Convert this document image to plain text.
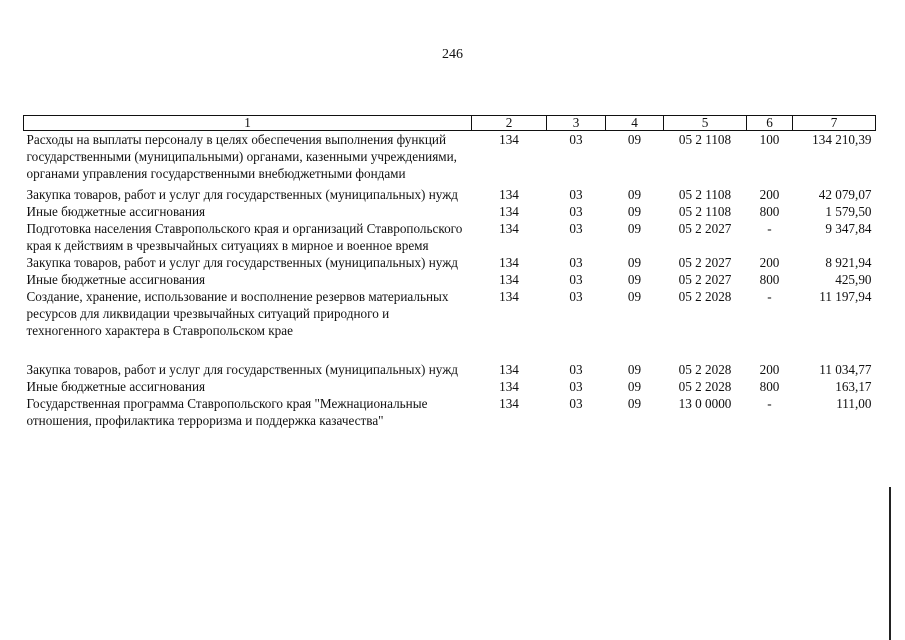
246
1	2	3	4	5	6	7
Расходы на выплаты персоналу в целях обеспечения выполнения функций государственными (муниципальными) органами, казенными учреждениями, органами управления государственными внебюджетными фондами	134	03	09	05 2 1108	100	134 210,39
Закупка товаров, работ и услуг для государственных (муниципальных) нужд	134	03	09	05 2 1108	200	42 079,07
Иные бюджетные ассигнования	134	03	09	05 2 1108	800	1 579,50
Подготовка населения Ставропольского края и организаций Ставропольского края к действиям в чрезвычайных ситуациях в мирное и военное время	134	03	09	05 2 2027	-	9 347,84
Закупка товаров, работ и услуг для государственных (муниципальных) нужд	134	03	09	05 2 2027	200	8 921,94
Иные бюджетные ассигнования	134	03	09	05 2 2027	800	425,90
Создание, хранение, использование и восполнение резервов материальных ресурсов для ликвидации чрезвычайных ситуаций природного и техногенного характера в Ставропольском крае	134	03	09	05 2 2028	-	11 197,94
Закупка товаров, работ и услуг для государственных (муниципальных) нужд	134	03	09	05 2 2028	200	11 034,77
Иные бюджетные ассигнования	134	03	09	05 2 2028	800	163,17
Государственная программа Ставропольского края "Межнациональные отношения, профилактика терроризма и поддержка казачества"	134	03	09	13 0 0000	-	111,00
